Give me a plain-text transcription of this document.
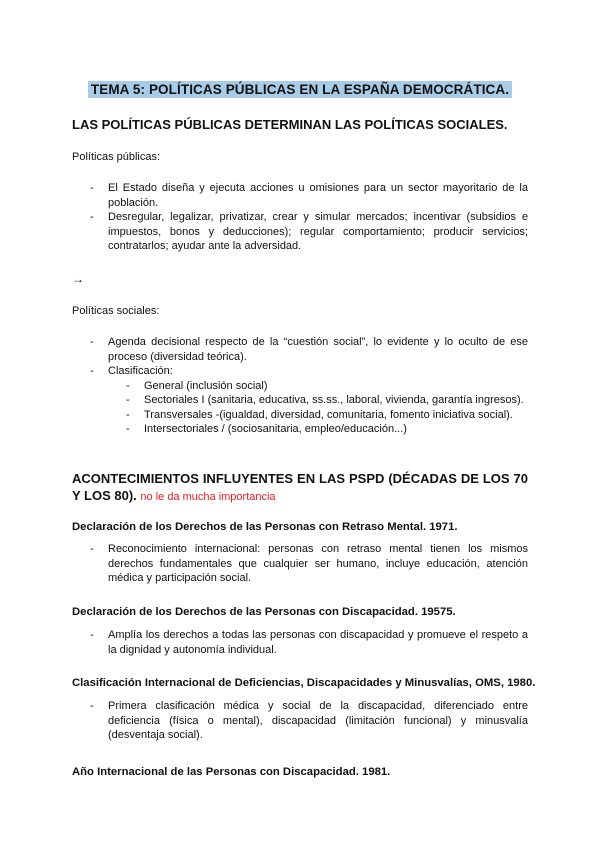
TEMA 5: POLÍTICAS PÚBLICAS EN LA ESPAÑA DEMOCRÁTICA.
LAS POLÍTICAS PÚBLICAS DETERMINAN LAS POLÍTICAS SOCIALES.
Políticas públicas:
- El Estado diseña y ejecuta acciones u omisiones para un sector mayoritario de la población.
- Desregular, legalizar, privatizar, crear y simular mercados; incentivar (subsidios e impuestos, bonos y deducciones); regular comportamiento; producir servicios; contratarlos; ayudar ante la adversidad.
→
Políticas sociales:
- Agenda decisional respecto de la “cuestión social”, lo evidente y lo oculto de ese proceso (diversidad teórica).
- Clasificación:
- General (inclusión social)
- Sectoriales I (sanitaria, educativa, ss.ss., laboral, vivienda, garantía ingresos).
- Transversales -(igualdad, diversidad, comunitaria, fomento iniciativa social).
- Intersectoriales / (sociosanitaria, empleo/educación...)
ACONTECIMIENTOS INFLUYENTES EN LAS PSPD (DÉCADAS DE LOS 70 Y LOS 80). no le da mucha importancia
Declaración de los Derechos de las Personas con Retraso Mental. 1971.
- Reconocimiento internacional: personas con retraso mental tienen los mismos derechos fundamentales que cualquier ser humano, incluye educación, atención médica y participación social.
Declaración de los Derechos de las Personas con Discapacidad. 19575.
- Amplía los derechos a todas las personas con discapacidad y promueve el respeto a la dignidad y autonomía individual.
Clasificación Internacional de Deficiencias, Discapacidades y Minusvalías, OMS, 1980.
- Primera clasificación médica y social de la discapacidad, diferenciado entre deficiencia (física o mental), discapacidad (limitación funcional) y minusvalía (desventaja social).
Año Internacional de las Personas con Discapacidad. 1981.
